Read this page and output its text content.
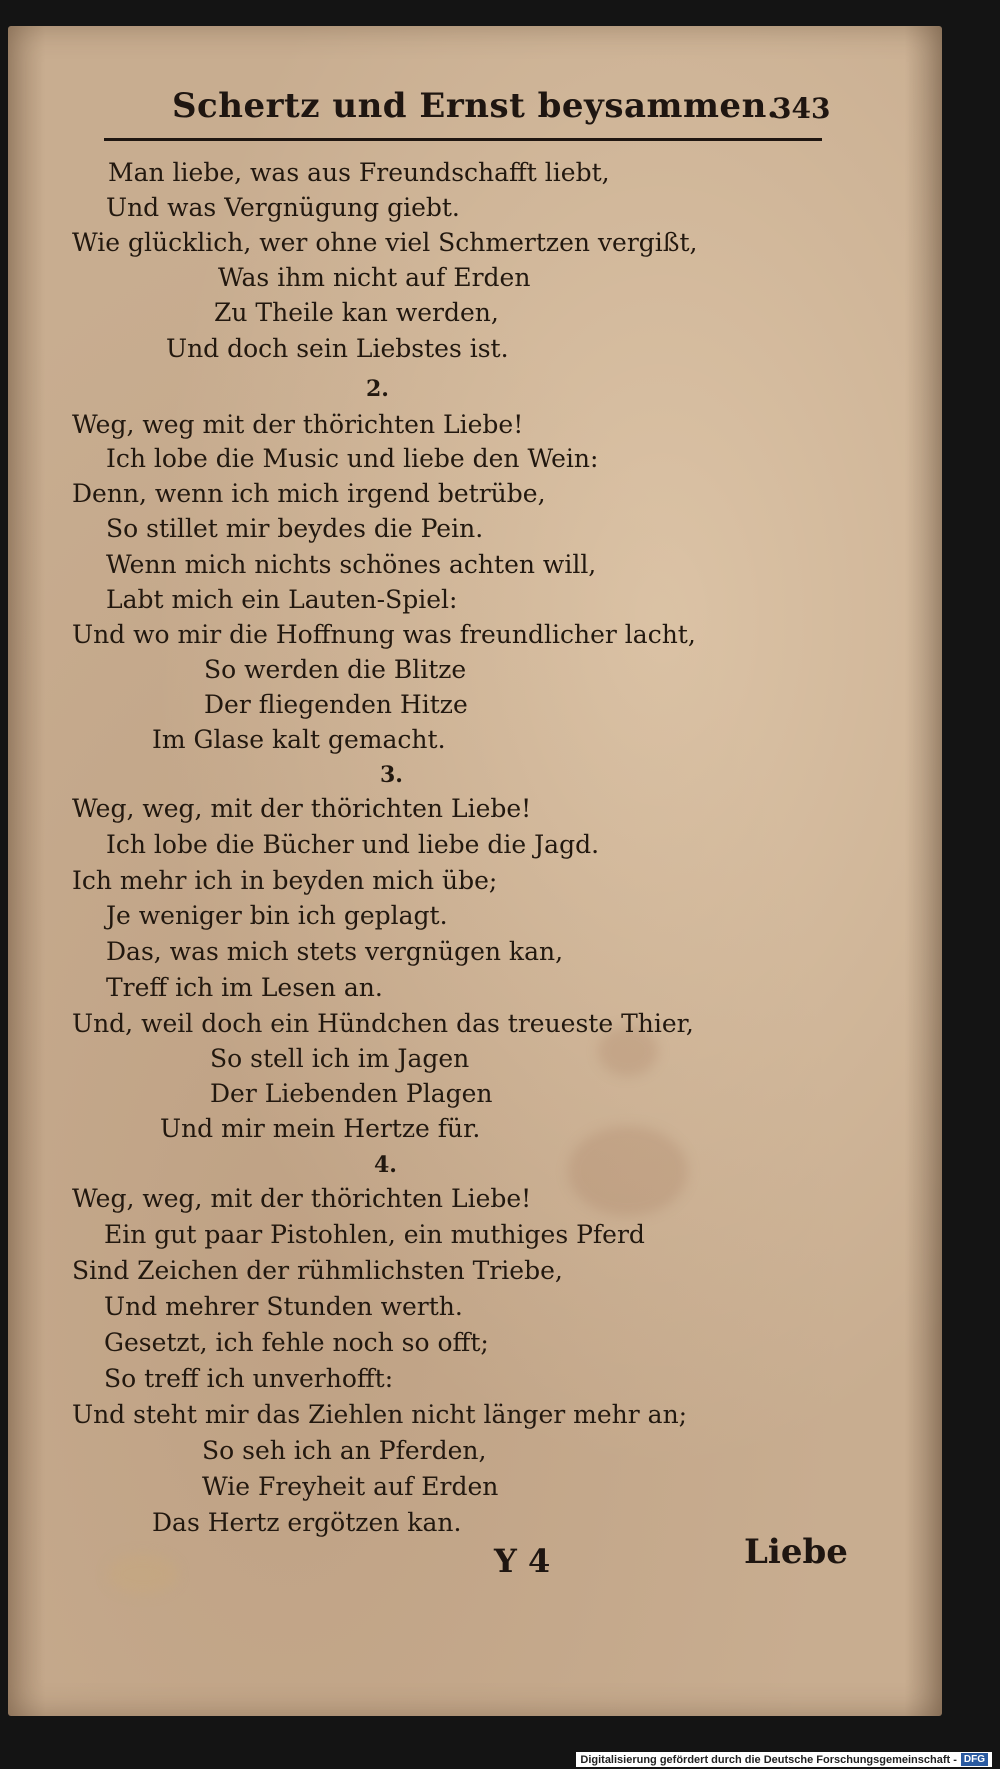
Schertz und Ernst beysammen.
343
Man liebe, was aus Freundschafft liebt,
Und was Vergnügung giebt.
Wie glücklich, wer ohne viel Schmertzen vergißt,
Was ihm nicht auf Erden
Zu Theile kan werden,
Und doch sein Liebstes ist.
2.
Weg, weg mit der thörichten Liebe!
Ich lobe die Music und liebe den Wein:
Denn, wenn ich mich irgend betrübe,
So stillet mir beydes die Pein.
Wenn mich nichts schönes achten will,
Labt mich ein Lauten-Spiel:
Und wo mir die Hoffnung was freundlicher lacht,
So werden die Blitze
Der fliegenden Hitze
Im Glase kalt gemacht.
3.
Weg, weg, mit der thörichten Liebe!
Ich lobe die Bücher und liebe die Jagd.
Ich mehr ich in beyden mich übe;
Je weniger bin ich geplagt.
Das, was mich stets vergnügen kan,
Treff ich im Lesen an.
Und, weil doch ein Hündchen das treueste Thier,
So stell ich im Jagen
Der Liebenden Plagen
Und mir mein Hertze für.
4.
Weg, weg, mit der thörichten Liebe!
Ein gut paar Pistohlen, ein muthiges Pferd
Sind Zeichen der rühmlichsten Triebe,
Und mehrer Stunden werth.
Gesetzt, ich fehle noch so offt;
So treff ich unverhofft:
Und steht mir das Ziehlen nicht länger mehr an;
So seh ich an Pferden,
Wie Freyheit auf Erden
Das Hertz ergötzen kan.
Y 4	Liebe
Digitalisierung gefördert durch die Deutsche Forschungsgemeinschaft - DFG
